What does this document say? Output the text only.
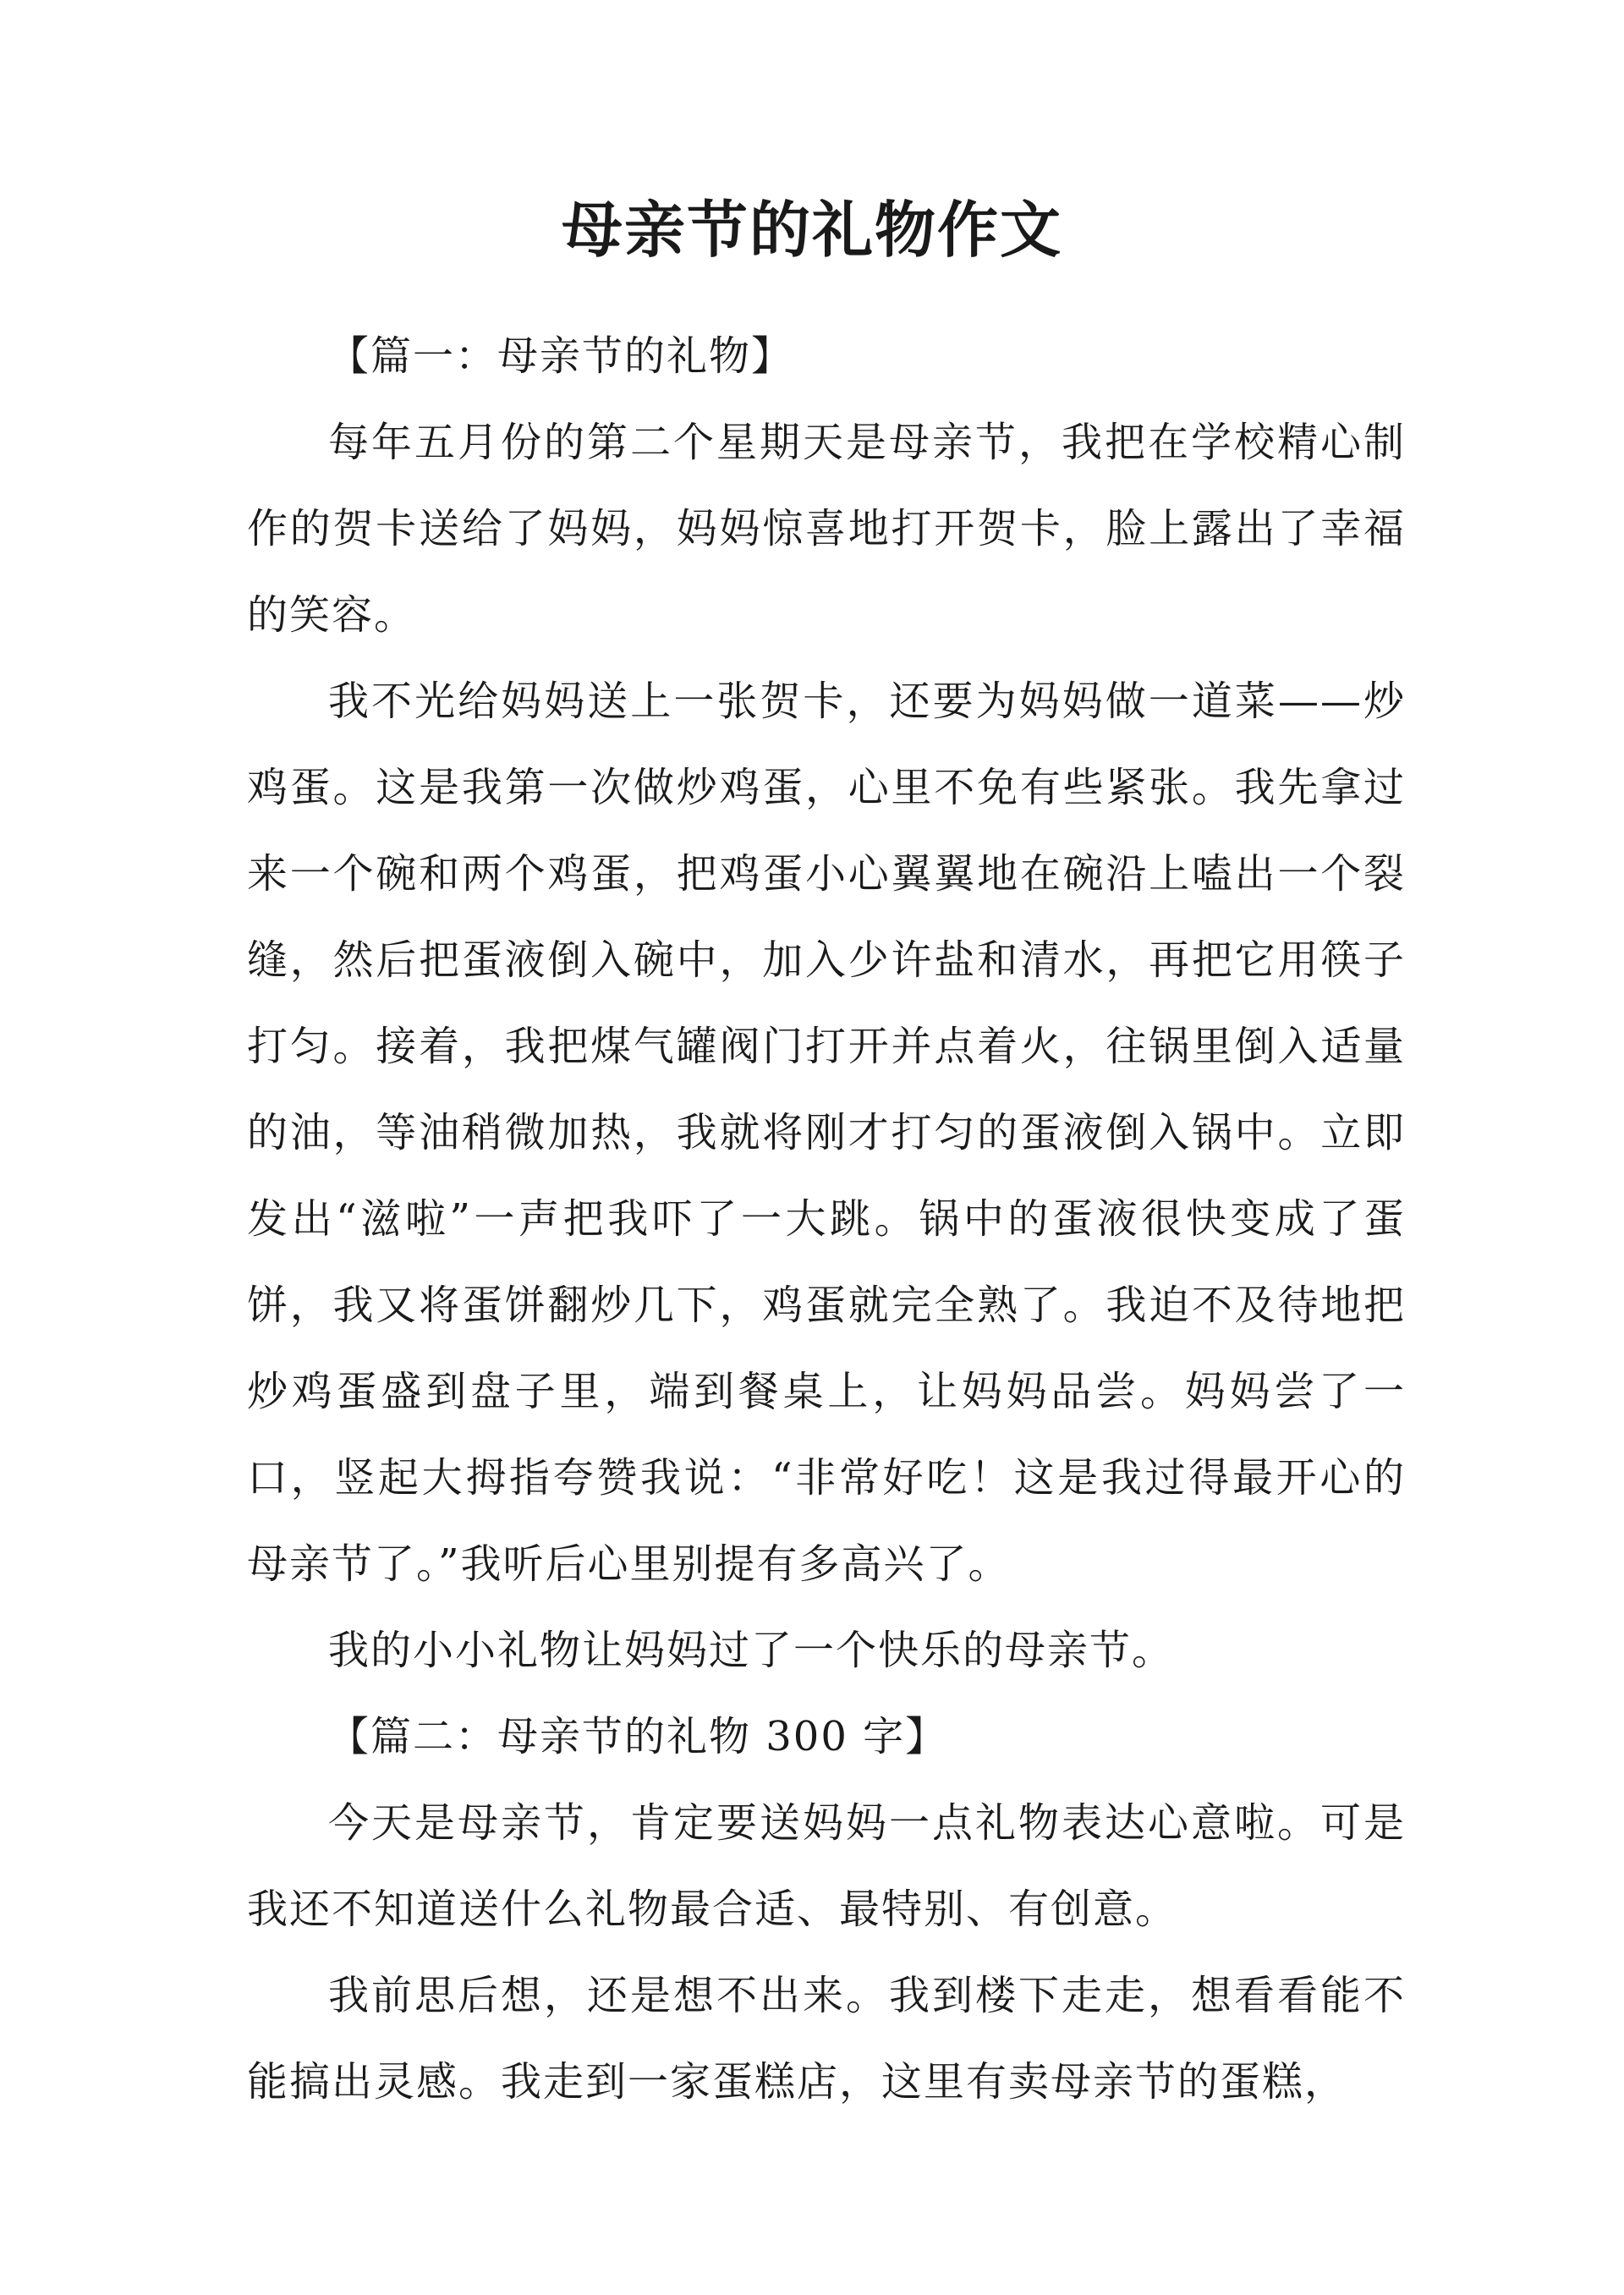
母亲节的礼物作文

【篇一：母亲节的礼物】

每年五月份的第二个星期天是母亲节，我把在学校精心制作的贺卡送给了妈妈，妈妈惊喜地打开贺卡，脸上露出了幸福的笑容。

我不光给妈妈送上一张贺卡，还要为妈妈做一道菜——炒鸡蛋。这是我第一次做炒鸡蛋，心里不免有些紧张。我先拿过来一个碗和两个鸡蛋，把鸡蛋小心翼翼地在碗沿上嗑出一个裂缝，然后把蛋液倒入碗中，加入少许盐和清水，再把它用筷子打匀。接着，我把煤气罐阀门打开并点着火，往锅里倒入适量的油，等油稍微加热，我就将刚才打匀的蛋液倒入锅中。立即发出“滋啦”一声把我吓了一大跳。锅中的蛋液很快变成了蛋饼，我又将蛋饼翻炒几下，鸡蛋就完全熟了。我迫不及待地把炒鸡蛋盛到盘子里，端到餐桌上，让妈妈品尝。妈妈尝了一口，竖起大拇指夸赞我说：“非常好吃！这是我过得最开心的母亲节了。”我听后心里别提有多高兴了。

我的小小礼物让妈妈过了一个快乐的母亲节。

【篇二：母亲节的礼物 300 字】

今天是母亲节，肯定要送妈妈一点礼物表达心意啦。可是我还不知道送什么礼物最合适、最特别、有创意。

我前思后想，还是想不出来。我到楼下走走，想看看能不能搞出灵感。我走到一家蛋糕店，这里有卖母亲节的蛋糕，
